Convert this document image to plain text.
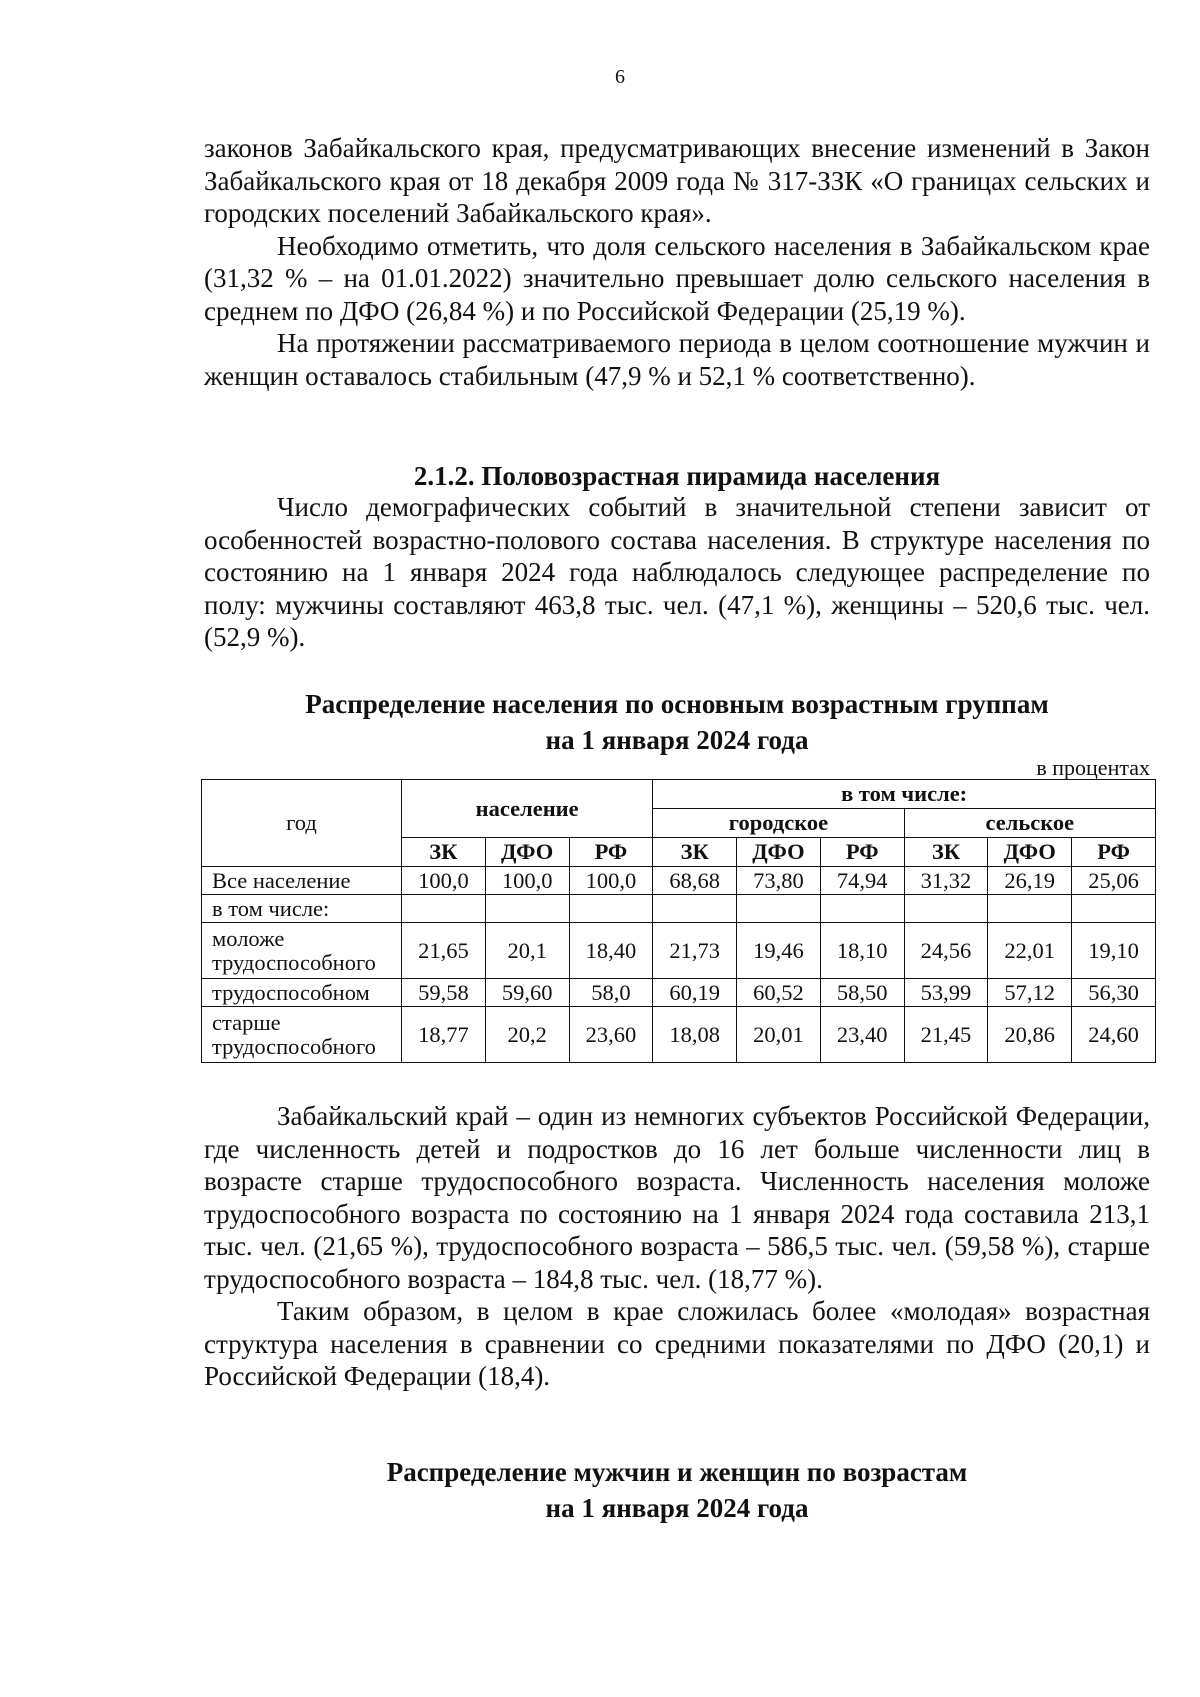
6

законов Забайкальского края, предусматривающих внесение изменений в Закон Забайкальского края от 18 декабря 2009 года № 317-ЗЗК «О границах сельских и городских поселений Забайкальского края».

Необходимо отметить, что доля сельского населения в Забайкальском крае (31,32 % – на 01.01.2022) значительно превышает долю сельского населения в среднем по ДФО (26,84 %) и по Российской Федерации (25,19 %).

На протяжении рассматриваемого периода в целом соотношение мужчин и женщин оставалось стабильным (47,9 % и 52,1 % соответственно).

2.1.2. Половозрастная пирамида населения

Число демографических событий в значительной степени зависит от особенностей возрастно-полового состава населения. В структуре населения по состоянию на 1 января 2024 года наблюдалось следующее распределение по полу: мужчины составляют 463,8 тыс. чел. (47,1 %), женщины – 520,6 тыс. чел. (52,9 %).

Распределение населения по основным возрастным группам
на 1 января 2024 года
в процентах
год	население			в том числе:					
				городское			сельское		
	ЗК	ДФО	РФ	ЗК	ДФО	РФ	ЗК	ДФО	РФ
Все население	100,0	100,0	100,0	68,68	73,80	74,94	31,32	26,19	25,06
в том числе:									
моложе трудоспособного	21,65	20,1	18,40	21,73	19,46	18,10	24,56	22,01	19,10
трудоспособном	59,58	59,60	58,0	60,19	60,52	58,50	53,99	57,12	56,30
старше трудоспособного	18,77	20,2	23,60	18,08	20,01	23,40	21,45	20,86	24,60

Забайкальский край – один из немногих субъектов Российской Федерации, где численность детей и подростков до 16 лет больше численности лиц в возрасте старше трудоспособного возраста. Численность населения моложе трудоспособного возраста по состоянию на 1 января 2024 года составила 213,1 тыс. чел. (21,65 %), трудоспособного возраста – 586,5 тыс. чел. (59,58 %), старше трудоспособного возраста – 184,8 тыс. чел. (18,77 %).

Таким образом, в целом в крае сложилась более «молодая» возрастная структура населения в сравнении со средними показателями по ДФО (20,1) и Российской Федерации (18,4).

Распределение мужчин и женщин по возрастам
на 1 января 2024 года
